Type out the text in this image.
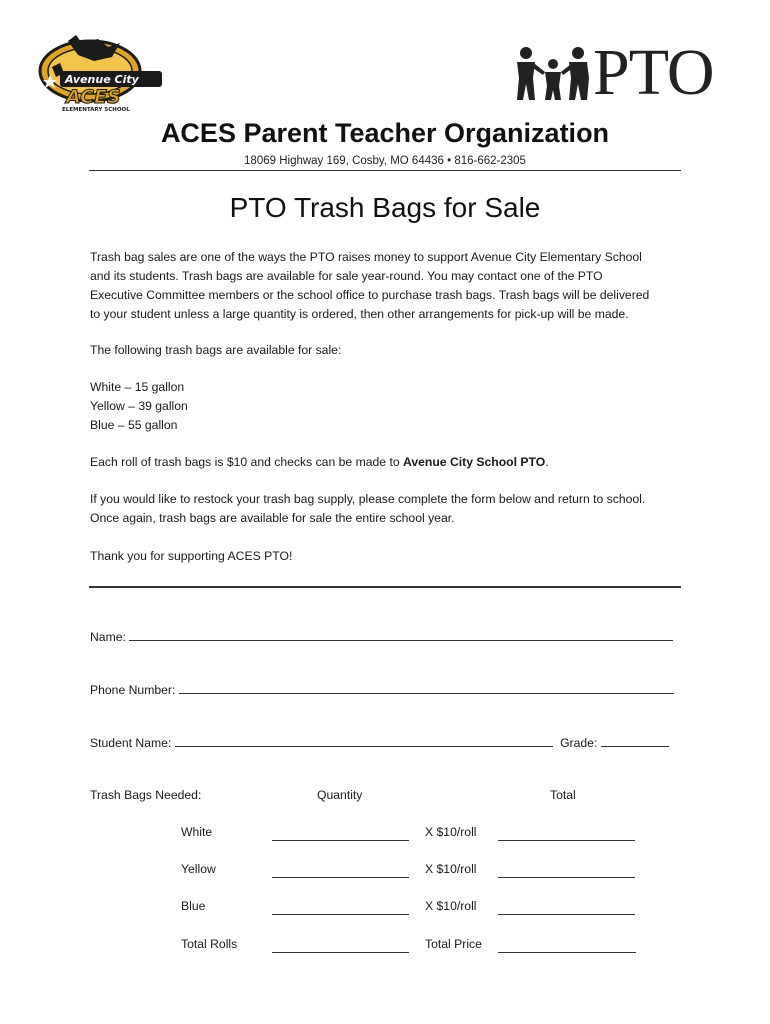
Avenue City
ACES
ELEMENTARY SCHOOL
PTO
ACES Parent Teacher Organization
18069 Highway 169, Cosby, MO 64436 • 816-662-2305
PTO Trash Bags for Sale
Trash bag sales are one of the ways the PTO raises money to support Avenue City Elementary School
and its students. Trash bags are available for sale year-round. You may contact one of the PTO
Executive Committee members or the school office to purchase trash bags. Trash bags will be delivered
to your student unless a large quantity is ordered, then other arrangements for pick-up will be made.
The following trash bags are available for sale:
White – 15 gallon
Yellow – 39 gallon
Blue – 55 gallon
Each roll of trash bags is $10 and checks can be made to Avenue City School PTO.
If you would like to restock your trash bag supply, please complete the form below and return to school.
Once again, trash bags are available for sale the entire school year.
Thank you for supporting ACES PTO!
Name:
Phone Number:
Student Name:	Grade:
Trash Bags Needed:	Quantity	Total
White	X $10/roll
Yellow	X $10/roll
Blue	X $10/roll
Total Rolls	Total Price
